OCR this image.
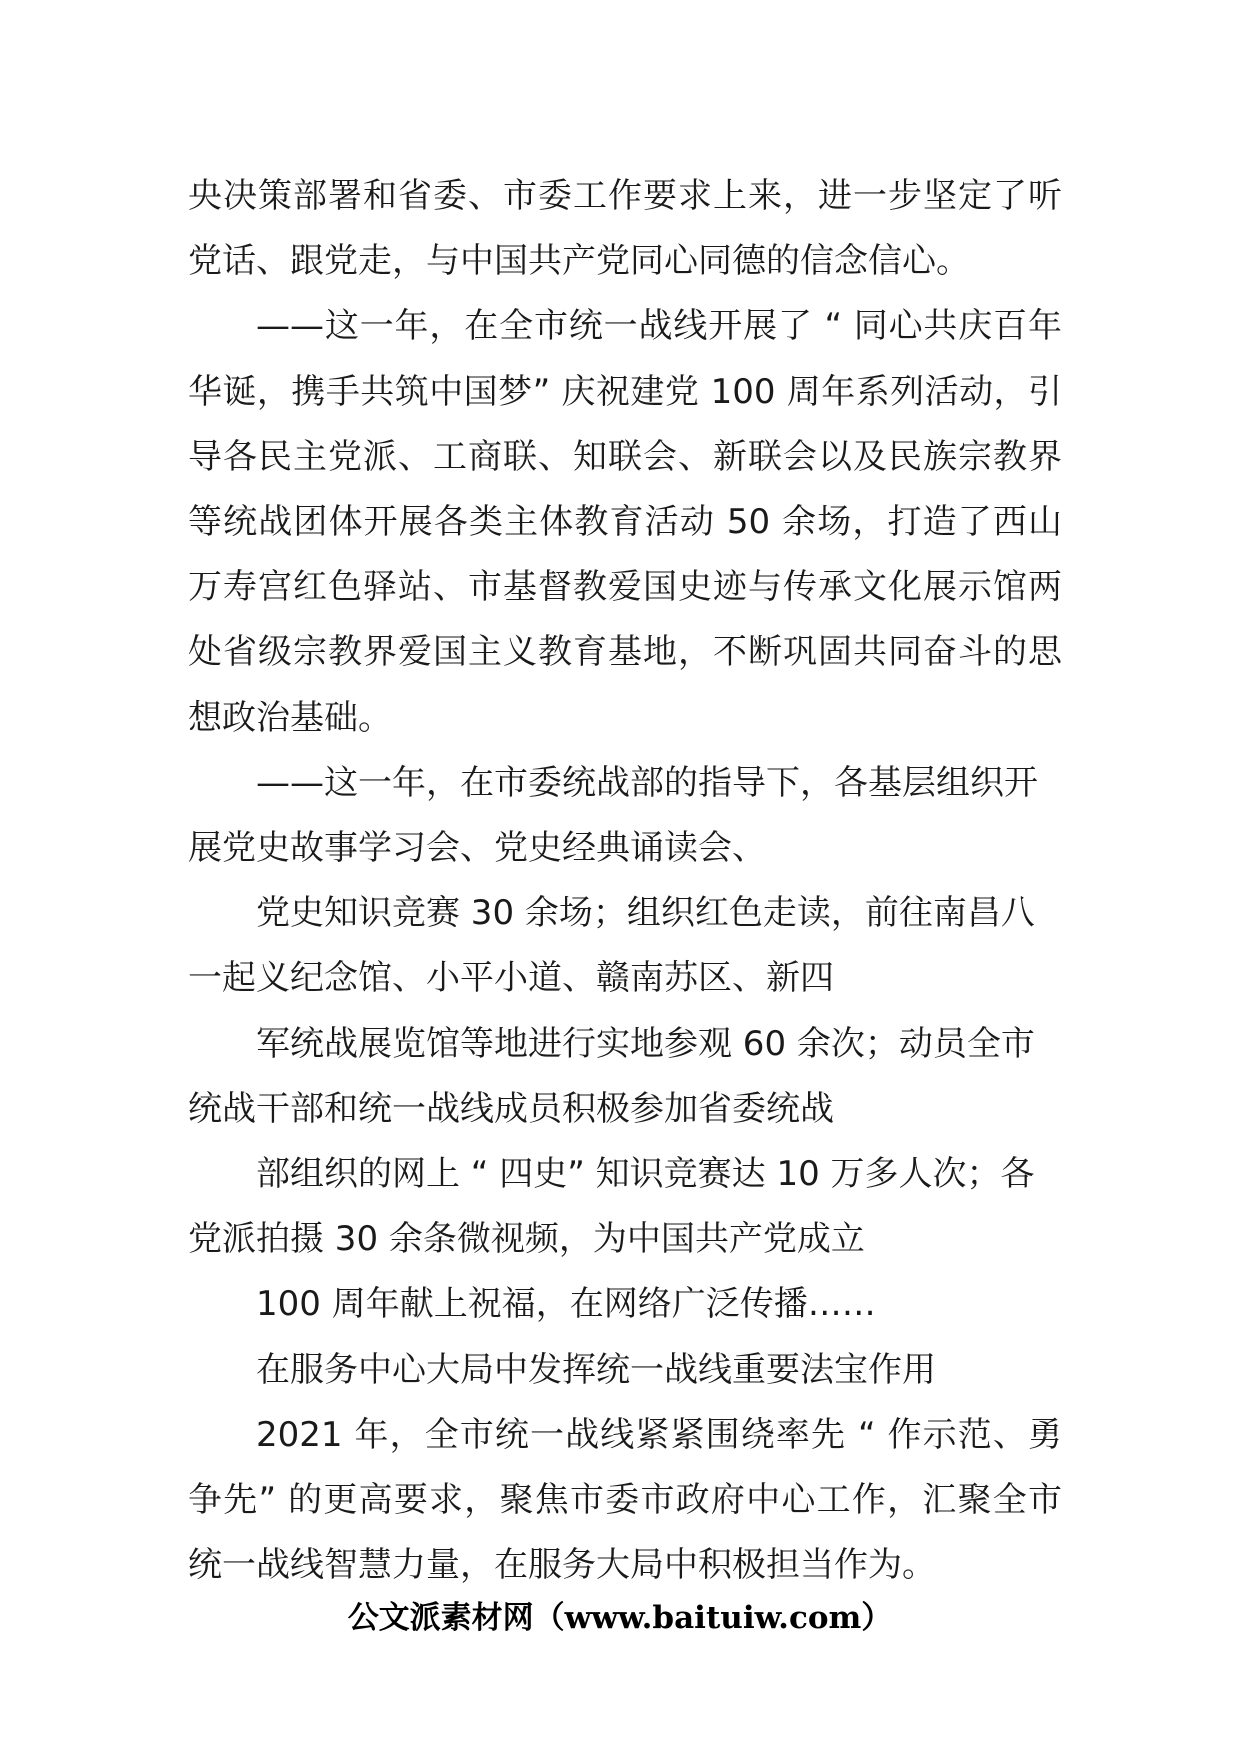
央决策部署和省委、市委工作要求上来，进一步坚定了听党话、跟党走，与中国共产党同心同德的信念信心。

——这一年，在全市统一战线开展了 “ 同心共庆百年华诞，携手共筑中国梦” 庆祝建党 100 周年系列活动，引导各民主党派、工商联、知联会、新联会以及民族宗教界等统战团体开展各类主体教育活动 50 余场，打造了西山万寿宫红色驿站、市基督教爱国史迹与传承文化展示馆两处省级宗教界爱国主义教育基地，不断巩固共同奋斗的思想政治基础。

——这一年，在市委统战部的指导下，各基层组织开展党史故事学习会、党史经典诵读会、

党史知识竞赛 30 余场；组织红色走读，前往南昌八一起义纪念馆、小平小道、赣南苏区、新四

军统战展览馆等地进行实地参观 60 余次；动员全市统战干部和统一战线成员积极参加省委统战

部组织的网上 “ 四史” 知识竞赛达 10 万多人次；各党派拍摄 30 余条微视频，为中国共产党成立

100 周年献上祝福，在网络广泛传播……

在服务中心大局中发挥统一战线重要法宝作用

2021 年，全市统一战线紧紧围绕率先 “ 作示范、勇争先” 的更高要求，聚焦市委市政府中心工作，汇聚全市统一战线智慧力量，在服务大局中积极担当作为。

公文派素材网（www.baituiw.com）
